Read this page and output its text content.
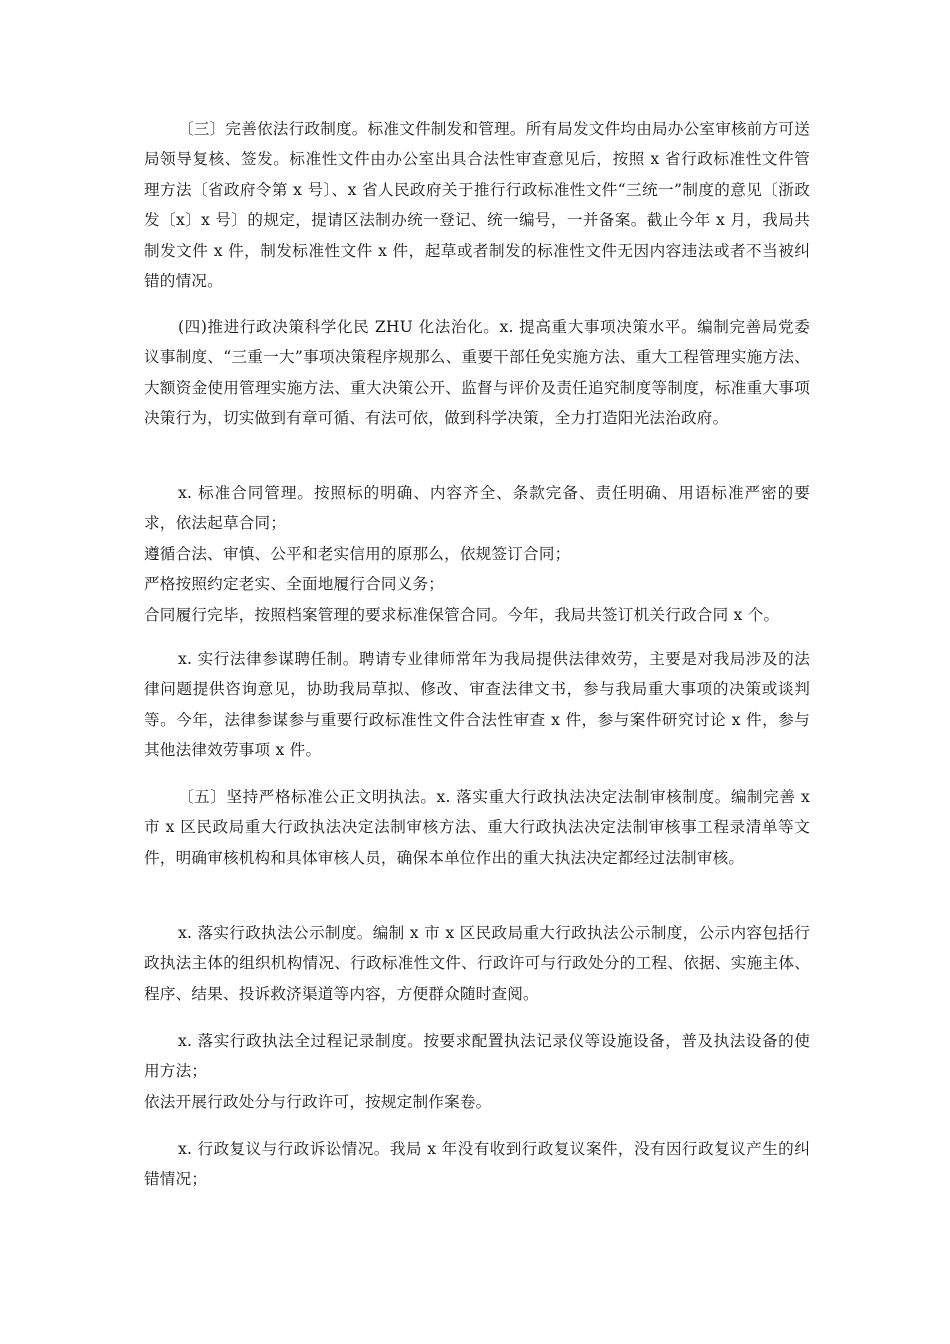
〔三〕完善依法行政制度。标准文件制发和管理。所有局发文件均由局办公室审核前方可送局领导复核、签发。标准性文件由办公室出具合法性审查意见后，按照 x 省行政标准性文件管理方法〔省政府令第 x 号〕、x 省人民政府关于推行行政标准性文件“三统一”制度的意见〔浙政发〔x〕x 号〕的规定，提请区法制办统一登记、统一编号，一并备案。截止今年 x 月，我局共制发文件 x 件，制发标准性文件 x 件，起草或者制发的标准性文件无因内容违法或者不当被纠错的情况。

(四)推进行政决策科学化民 ZHU 化法治化。x. 提高重大事项决策水平。编制完善局党委议事制度、“三重一大”事项决策程序规那么、重要干部任免实施方法、重大工程管理实施方法、大额资金使用管理实施方法、重大决策公开、监督与评价及责任追究制度等制度，标准重大事项决策行为，切实做到有章可循、有法可依，做到科学决策，全力打造阳光法治政府。

x. 标准合同管理。按照标的明确、内容齐全、条款完备、责任明确、用语标准严密的要求，依法起草合同；
遵循合法、审慎、公平和老实信用的原那么，依规签订合同；
严格按照约定老实、全面地履行合同义务；
合同履行完毕，按照档案管理的要求标准保管合同。今年，我局共签订机关行政合同 x 个。

x. 实行法律参谋聘任制。聘请专业律师常年为我局提供法律效劳，主要是对我局涉及的法律问题提供咨询意见，协助我局草拟、修改、审查法律文书，参与我局重大事项的决策或谈判等。今年，法律参谋参与重要行政标准性文件合法性审查 x 件，参与案件研究讨论 x 件，参与其他法律效劳事项 x 件。

〔五〕坚持严格标准公正文明执法。x. 落实重大行政执法决定法制审核制度。编制完善 x 市 x 区民政局重大行政执法决定法制审核方法、重大行政执法决定法制审核事工程录清单等文件，明确审核机构和具体审核人员，确保本单位作出的重大执法决定都经过法制审核。

x. 落实行政执法公示制度。编制 x 市 x 区民政局重大行政执法公示制度，公示内容包括行政执法主体的组织机构情况、行政标准性文件、行政许可与行政处分的工程、依据、实施主体、程序、结果、投诉救济渠道等内容，方便群众随时查阅。

x. 落实行政执法全过程记录制度。按要求配置执法记录仪等设施设备，普及执法设备的使用方法；
依法开展行政处分与行政许可，按规定制作案卷。

x. 行政复议与行政诉讼情况。我局 x 年没有收到行政复议案件，没有因行政复议产生的纠错情况；
